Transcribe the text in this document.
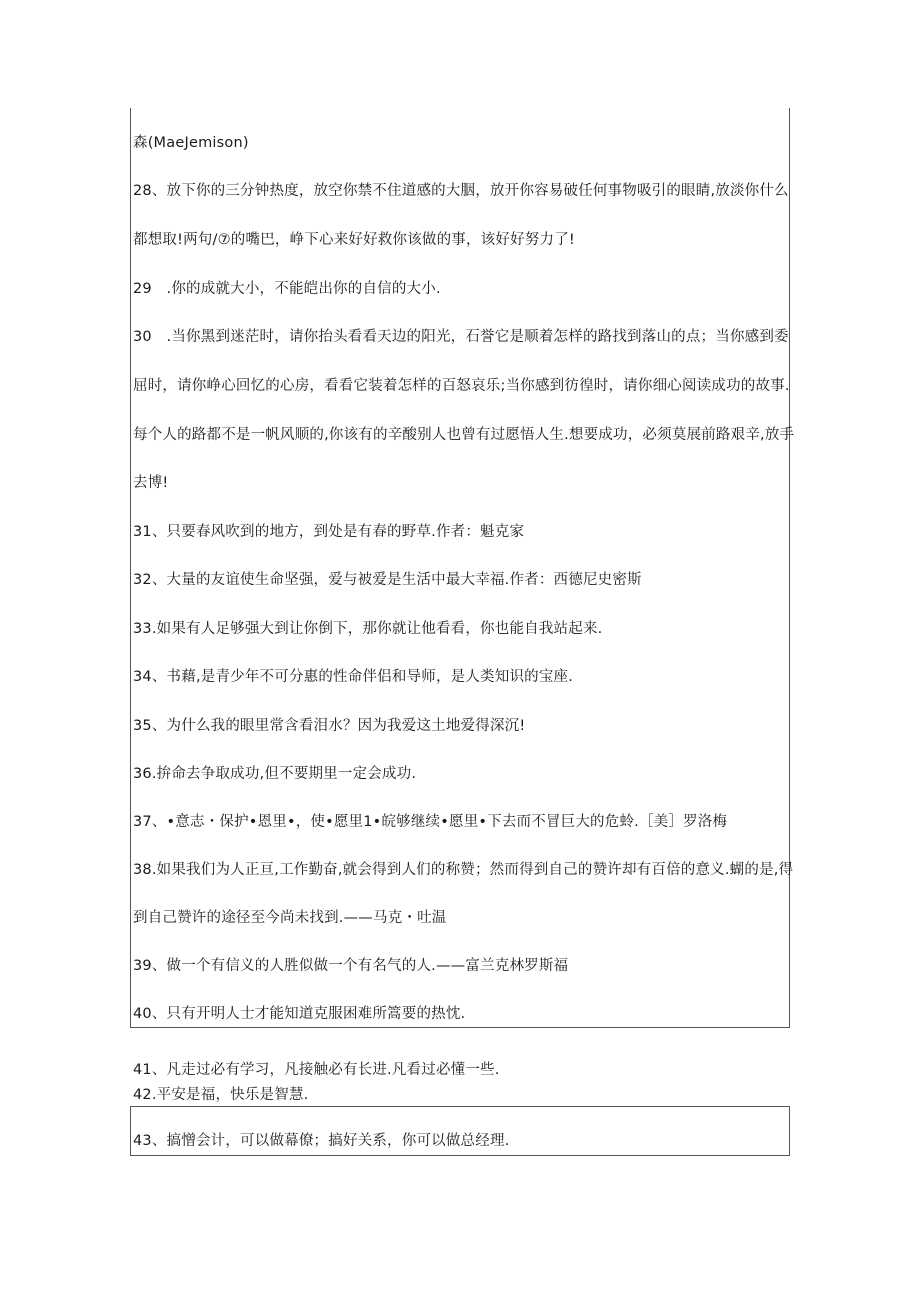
森(MaeJemison)
28、放下你的三分钟热度，放空你禁不住道感的大胭，放开你容易破任何事物吸引的眼睛,放淡你什么
都想取!两句/⑦的嘴巴，峥下心来好好救你该做的事，该好好努力了!
29　.你的成就大小，不能皑出你的自信的大小.
30　.当你黑到迷茫时，请你抬头看看天边的阳光，石誉它是顺着怎样的路找到落山的点；当你感到委
屈时，请你峥心回忆的心房，看看它装着怎样的百怒哀乐;当你感到彷徨时，请你细心阅读成功的故事.
每个人的路都不是一帆风顺的,你该有的辛酸别人也曾有过愿悟人生.想要成功，必须莫展前路艰辛,放手
去博!
31、只要春风吹到的地方，到处是有春的野草.作者：魁克家
32、大量的友谊使生命坚强，爱与被爱是生活中最大幸福.作者：西德尼史密斯
33.如果有人足够强大到让你倒下，那你就让他看看，你也能自我站起来.
34、书藉,是青少年不可分惠的性命伴侣和导师，是人类知识的宝座.
35、为什么我的眼里常含看泪水？因为我爱这土地爱得深沉!
36.拚命去争取成功,但不要期里一定会成功.
37、•意志・保护•恩里•，使•愿里1•皖够继续•愿里•下去而不冒巨大的危蛉.［美］罗洛梅
38.如果我们为人正亘,工作勤奋,就会得到人们的称赞；然而得到自己的赞许却有百倍的意义.蝴的是,得
到自己赞许的途径至今尚未找到.——马克・吐温
39、做一个有信义的人胜似做一个有名气的人.——富兰克林罗斯福
40、只有开明人士才能知道克服困难所篙要的热忱.
41、凡走过必有学习，凡接触必有长进.凡看过必懂一些.
42.平安是福，快乐是智慧.
43、搞憎会计，可以做幕僚；搞好关系，你可以做总经理.
